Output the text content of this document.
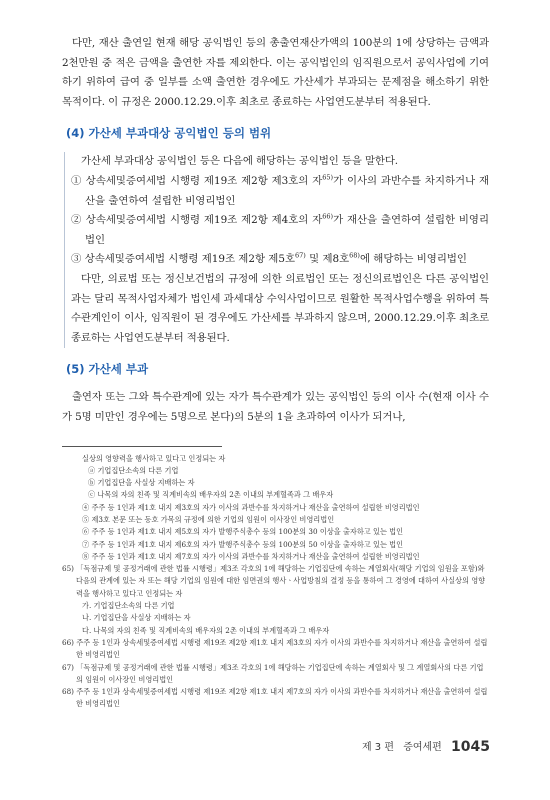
다만, 재산 출연일 현재 해당 공익법인 등의 총출연재산가액의 100분의 1에 상당하는 금액과 2천만원 중 적은 금액을 출연한 자를 제외한다. 이는 공익법인의 임직원으로서 공익사업에 기여하기 위하여 급여 중 일부를 소액 출연한 경우에도 가산세가 부과되는 문제점을 해소하기 위한 목적이다. 이 규정은 2000.12.29.이후 최초로 종료하는 사업연도분부터 적용된다.

(4) 가산세 부과대상 공익법인 등의 범위

가산세 부과대상 공익법인 등은 다음에 해당하는 공익법인 등을 말한다.

① 상속세및증여세법 시행령 제19조 제2항 제3호의 자$^{65)}$가 이사의 과반수를 차지하거나 재산을 출연하여 설립한 비영리법인

② 상속세및증여세법 시행령 제19조 제2항 제4호의 자$^{66)}$가 재산을 출연하여 설립한 비영리법인

③ 상속세및증여세법 시행령 제19조 제2항 제5호$^{67)}$ 및 제8호$^{68)}$에 해당하는 비영리법인

다만, 의료법 또는 정신보건법의 규정에 의한 의료법인 또는 정신의료법인은 다른 공익법인과는 달리 목적사업자체가 법인세 과세대상 수익사업이므로 원활한 목적사업수행을 위하여 특수관계인이 이사, 임직원이 된 경우에도 가산세를 부과하지 않으며, 2000.12.29.이후 최초로 종료하는 사업연도분부터 적용된다.

(5) 가산세 부과

출연자 또는 그와 특수관계에 있는 자가 특수관계가 있는 공익법인 등의 이사 수(현재 이사 수가 5명 미만인 경우에는 5명으로 본다)의 5분의 1을 초과하여 이사가 되거나,

실상의 영향력을 행사하고 있다고 인정되는 자

ⓐ 기업집단소속의 다른 기업

ⓑ 기업집단을 사실상 지배하는 자

ⓒ 나목의 자의 친족 및 직계비속의 배우자의 2촌 이내의 부계혈족과 그 배우자

④ 주주 등 1인과 제1호 내지 제3호의 자가 이사의 과반수를 차지하거나 재산을 출연하여 설립한 비영리법인

⑤ 제3호 본문 또는 동호 가목의 규정에 의한 기업의 임원이 이사장인 비영리법인

⑥ 주주 등 1인과 제1호 내지 제5호의 자가 발행주식총수 등의 100분의 30 이상을 출자하고 있는 법인

⑦ 주주 등 1인과 제1호 내지 제6호의 자가 발행주식총수 등의 100분의 50 이상을 출자하고 있는 법인

⑧ 주주 등 1인과 제1호 내지 제7호의 자가 이사의 과반수를 차지하거나 재산을 출연하여 설립한 비영리법인

65) 「독점규제 및 공정거래에 관한 법률 시행령」제3조 각호의 1에 해당하는 기업집단에 속하는 계열회사(해당 기업의 임원을 포함)와 다음의 관계에 있는 자 또는 해당 기업의 임원에 대한 임면권의 행사ㆍ사업방침의 결정 등을 통하여 그 경영에 대하여 사실상의 영향력을 행사하고 있다고 인정되는 자

가. 기업집단소속의 다른 기업

나. 기업집단을 사실상 지배하는 자

다. 나목의 자의 친족 및 직계비속의 배우자의 2촌 이내의 부계혈족과 그 배우자

66) 주주 등 1인과 상속세및증여세법 시행령 제19조 제2항 제1호 내지 제3호의 자가 이사의 과반수를 차지하거나 재산을 출연하여 설립한 비영리법인

67) 「독점규제 및 공정거래에 관한 법률 시행령」제3조 각호의 1에 해당하는 기업집단에 속하는 계열회사 및 그 계열회사의 다른 기업의 임원이 이사장인 비영리법인

68) 주주 등 1인과 상속세및증여세법 시행령 제19조 제2항 제1호 내지 제7호의 자가 이사의 과반수를 차지하거나 재산을 출연하여 설립한 비영리법인

제 3 편 증여세편 1045
